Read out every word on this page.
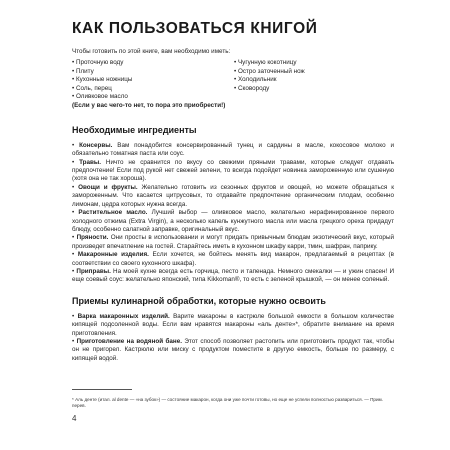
КАК ПОЛЬЗОВАТЬСЯ КНИГОЙ

Чтобы готовить по этой книге, вам необходимо иметь:

• Проточную воду
• Плиту
• Кухонные ножницы
• Соль, перец
• Оливковое масло
• Чугунную кокотницу
• Остро заточенный нож
• Холодильник
• Сковороду

(Если у вас чего-то нет, то пора это приобрести!)

Необходимые ингредиенты

• Консервы. Вам понадобится консервированный тунец и сардины в масле, кокосовое молоко и обязательно томатная паста или соус.

• Травы. Ничто не сравнится по вкусу со свежими пряными травами, которые следует отдавать предпочтение! Если под рукой нет свежей зелени, то всегда подойдет новинка замороженную или сушеную (хотя она не так хороша).

• Овощи и фрукты. Желательно готовить из сезонных фруктов и овощей, но можете обращаться к замороженным. Что касается цитрусовых, то отдавайте предпочтение органическим плодам, особенно лимонам, цедра которых нужна всегда.

• Растительное масло. Лучший выбор — оливковое масло, желательно нерафинированное первого холодного отжима (Extra Virgin), а несколько капель кунжутного масла или масла грецкого ореха придадут блюду, особенно салатной заправке, оригинальный вкус.

• Пряности. Они просты в использовании и могут придать привычным блюдам экзотический вкус, который произведет впечатление на гостей. Старайтесь иметь в кухонном шкафу карри, тмин, шафран, паприку.

• Макаронные изделия. Если хочется, не бойтесь менять вид макарон, предлагаемый в рецептах (в соответствии со своего кухонного шкафа).

• Приправы. На моей кухне всегда есть горчица, песто и тапенада. Немного смекалки — и ужин спасен! И еще соевый соус: желательно японский, типа Kikkoman®, то есть с зеленой крышкой, — он менее соленый.

Приемы кулинарной обработки, которые нужно освоить

• Варка макаронных изделий. Варите макароны в кастрюле большой емкости в большом количестве кипящей подсоленной воды. Если вам нравятся макароны «аль денте»*, обратите внимание на время приготовления.

• Приготовление на водяной бане. Этот способ позволяет растопить или приготовить продукт так, чтобы он не пригорел. Кастрюлю или миску с продуктом поместите в другую емкость, больше по размеру, с кипящей водой.

* Аль денте (итал. al dente — «на зубок») — состояние макарон, когда они уже почти готовы, но еще не успели полностью развариться. — Прим. перев.

4
